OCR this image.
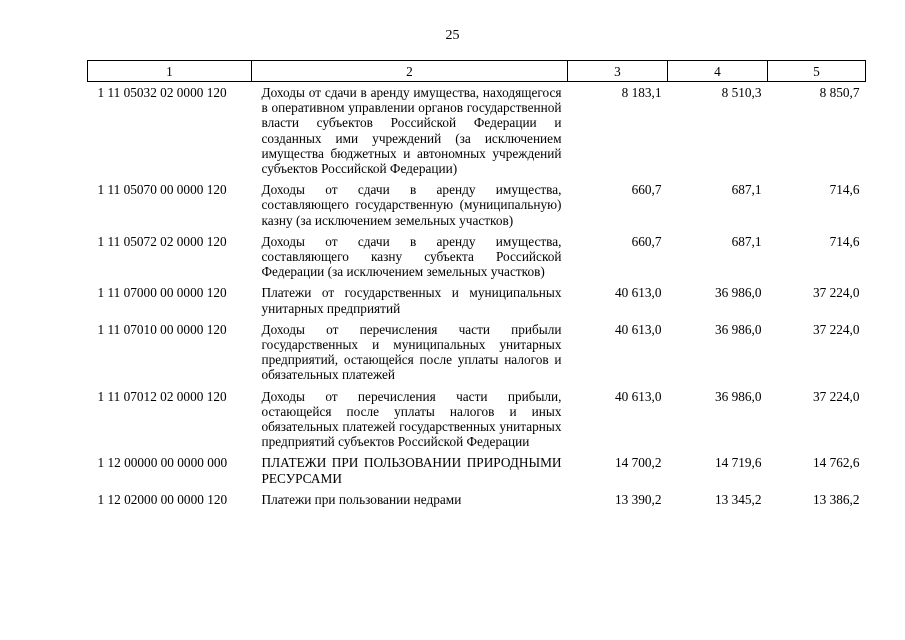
25
1	2	3	4	5
1 11 05032 02 0000 120	Доходы от сдачи в аренду имущества, находящегося в оперативном управлении органов государственной власти субъектов Российской Федерации и созданных ими учреждений (за исключением имущества бюджетных и автономных учреждений субъектов Российской Федерации)	8 183,1	8 510,3	8 850,7
1 11 05070 00 0000 120	Доходы от сдачи в аренду имущества, составляющего государственную (муниципальную) казну (за исключением земельных участков)	660,7	687,1	714,6
1 11 05072 02 0000 120	Доходы от сдачи в аренду имущества, составляющего казну субъекта Российской Федерации (за исключением земельных участков)	660,7	687,1	714,6
1 11 07000 00 0000 120	Платежи от государственных и муниципальных унитарных предприятий	40 613,0	36 986,0	37 224,0
1 11 07010 00 0000 120	Доходы от перечисления части прибыли государственных и муниципальных унитарных предприятий, остающейся после уплаты налогов и обязательных платежей	40 613,0	36 986,0	37 224,0
1 11 07012 02 0000 120	Доходы от перечисления части прибыли, остающейся после уплаты налогов и иных обязательных платежей государственных унитарных предприятий субъектов Российской Федерации	40 613,0	36 986,0	37 224,0
1 12 00000 00 0000 000	ПЛАТЕЖИ ПРИ ПОЛЬЗОВАНИИ ПРИРОДНЫМИ РЕСУРСАМИ	14 700,2	14 719,6	14 762,6
1 12 02000 00 0000 120	Платежи при пользовании недрами	13 390,2	13 345,2	13 386,2
